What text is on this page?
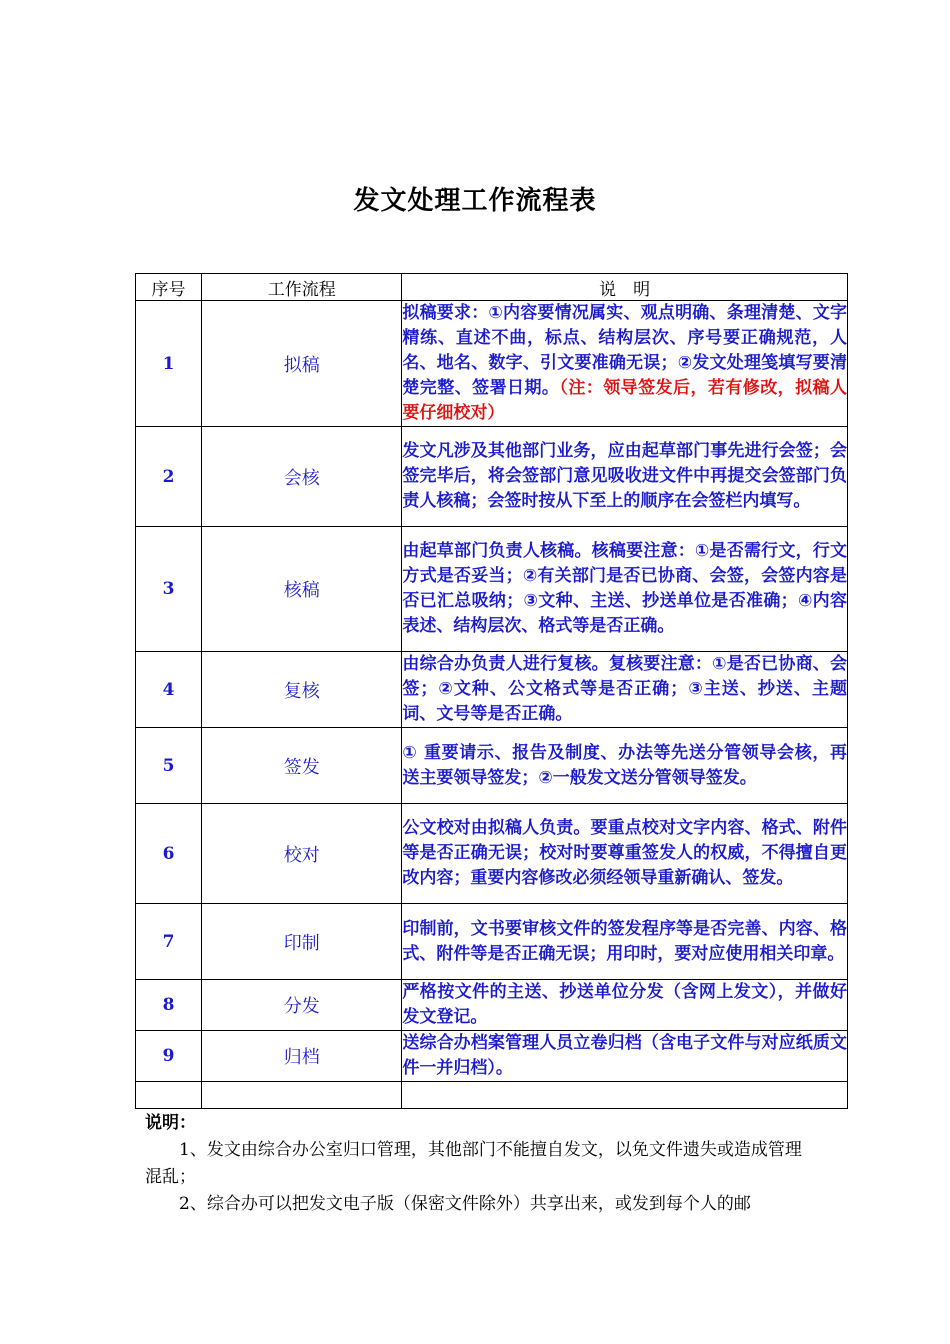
发文处理工作流程表
序号	工作流程	说　明
1	拟稿	拟稿要求：①内容要情况属实、观点明确、条理清楚、文字精练、直述不曲，标点、结构层次、序号要正确规范，人名、地名、数字、引文要准确无误；②发文处理笺填写要清楚完整、签署日期。（注：领导签发后，若有修改，拟稿人要仔细校对）
2	会核	发文凡涉及其他部门业务，应由起草部门事先进行会签；会签完毕后，将会签部门意见吸收进文件中再提交会签部门负责人核稿；会签时按从下至上的顺序在会签栏内填写。
3	核稿	由起草部门负责人核稿。核稿要注意：①是否需行文，行文方式是否妥当；②有关部门是否已协商、会签，会签内容是否已汇总吸纳；③文种、主送、抄送单位是否准确；④内容表述、结构层次、格式等是否正确。
4	复核	由综合办负责人进行复核。复核要注意：①是否已协商、会签；②文种、公文格式等是否正确；③主送、抄送、主题词、文号等是否正确。
5	签发	① 重要请示、报告及制度、办法等先送分管领导会核，再送主要领导签发；②一般发文送分管领导签发。
6	校对	公文校对由拟稿人负责。要重点校对文字内容、格式、附件等是否正确无误；校对时要尊重签发人的权威，不得擅自更改内容；重要内容修改必须经领导重新确认、签发。
7	印制	印制前，文书要审核文件的签发程序等是否完善、内容、格式、附件等是否正确无误；用印时，要对应使用相关印章。
8	分发	严格按文件的主送、抄送单位分发（含网上发文），并做好发文登记。
9	归档	送综合办档案管理人员立卷归档（含电子文件与对应纸质文件一并归档）。

说明：

1、发文由综合办公室归口管理，其他部门不能擅自发文，以免文件遗失或造成管理混乱；

2、综合办可以把发文电子版（保密文件除外）共享出来，或发到每个人的邮
